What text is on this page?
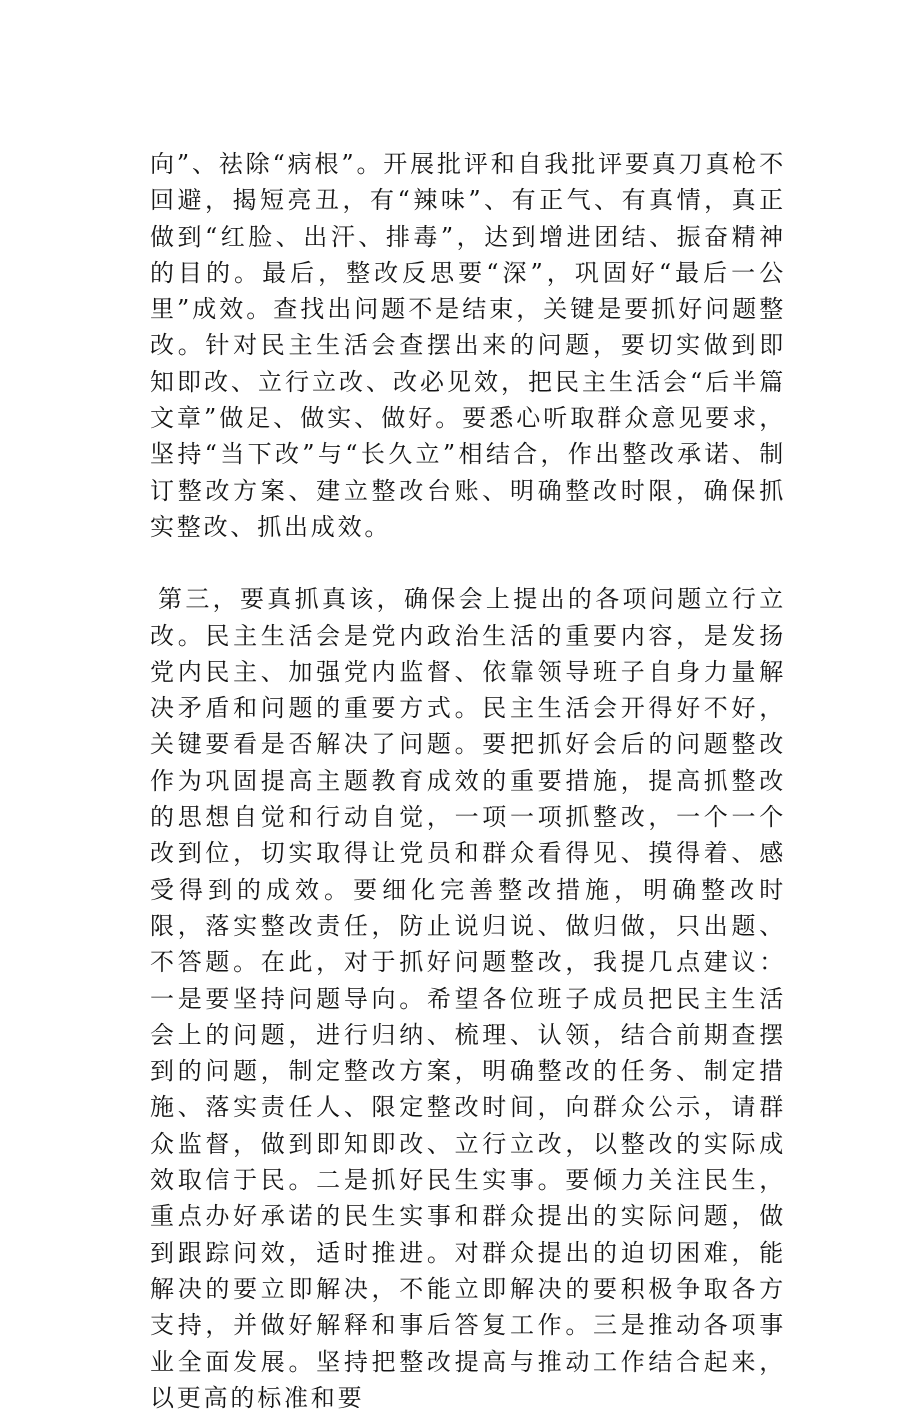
向”、祛除“病根”。开展批评和自我批评要真刀真枪不回避，揭短亮丑，有“辣味”、有正气、有真情，真正做到“红脸、出汗、排毒”，达到增进团结、振奋精神的目的。最后，整改反思要“深”，巩固好“最后一公里”成效。查找出问题不是结束，关键是要抓好问题整改。针对民主生活会查摆出来的问题，要切实做到即知即改、立行立改、改必见效，把民主生活会“后半篇文章”做足、做实、做好。要悉心听取群众意见要求，坚持“当下改”与“长久立”相结合，作出整改承诺、制订整改方案、建立整改台账、明确整改时限，确保抓实整改、抓出成效。

第三，要真抓真该，确保会上提出的各项问题立行立改。民主生活会是党内政治生活的重要内容，是发扬党内民主、加强党内监督、依靠领导班子自身力量解决矛盾和问题的重要方式。民主生活会开得好不好，关键要看是否解决了问题。要把抓好会后的问题整改作为巩固提高主题教育成效的重要措施，提高抓整改的思想自觉和行动自觉，一项一项抓整改，一个一个改到位，切实取得让党员和群众看得见、摸得着、感受得到的成效。要细化完善整改措施，明确整改时限，落实整改责任，防止说归说、做归做，只出题、不答题。在此，对于抓好问题整改，我提几点建议：一是要坚持问题导向。希望各位班子成员把民主生活会上的问题，进行归纳、梳理、认领，结合前期查摆到的问题，制定整改方案，明确整改的任务、制定措施、落实责任人、限定整改时间，向群众公示，请群众监督，做到即知即改、立行立改，以整改的实际成效取信于民。二是抓好民生实事。要倾力关注民生，重点办好承诺的民生实事和群众提出的实际问题，做到跟踪问效，适时推进。对群众提出的迫切困难，能解决的要立即解决，不能立即解决的要积极争取各方支持，并做好解释和事后答复工作。三是推动各项事业全面发展。坚持把整改提高与推动工作结合起来，以更高的标准和要
